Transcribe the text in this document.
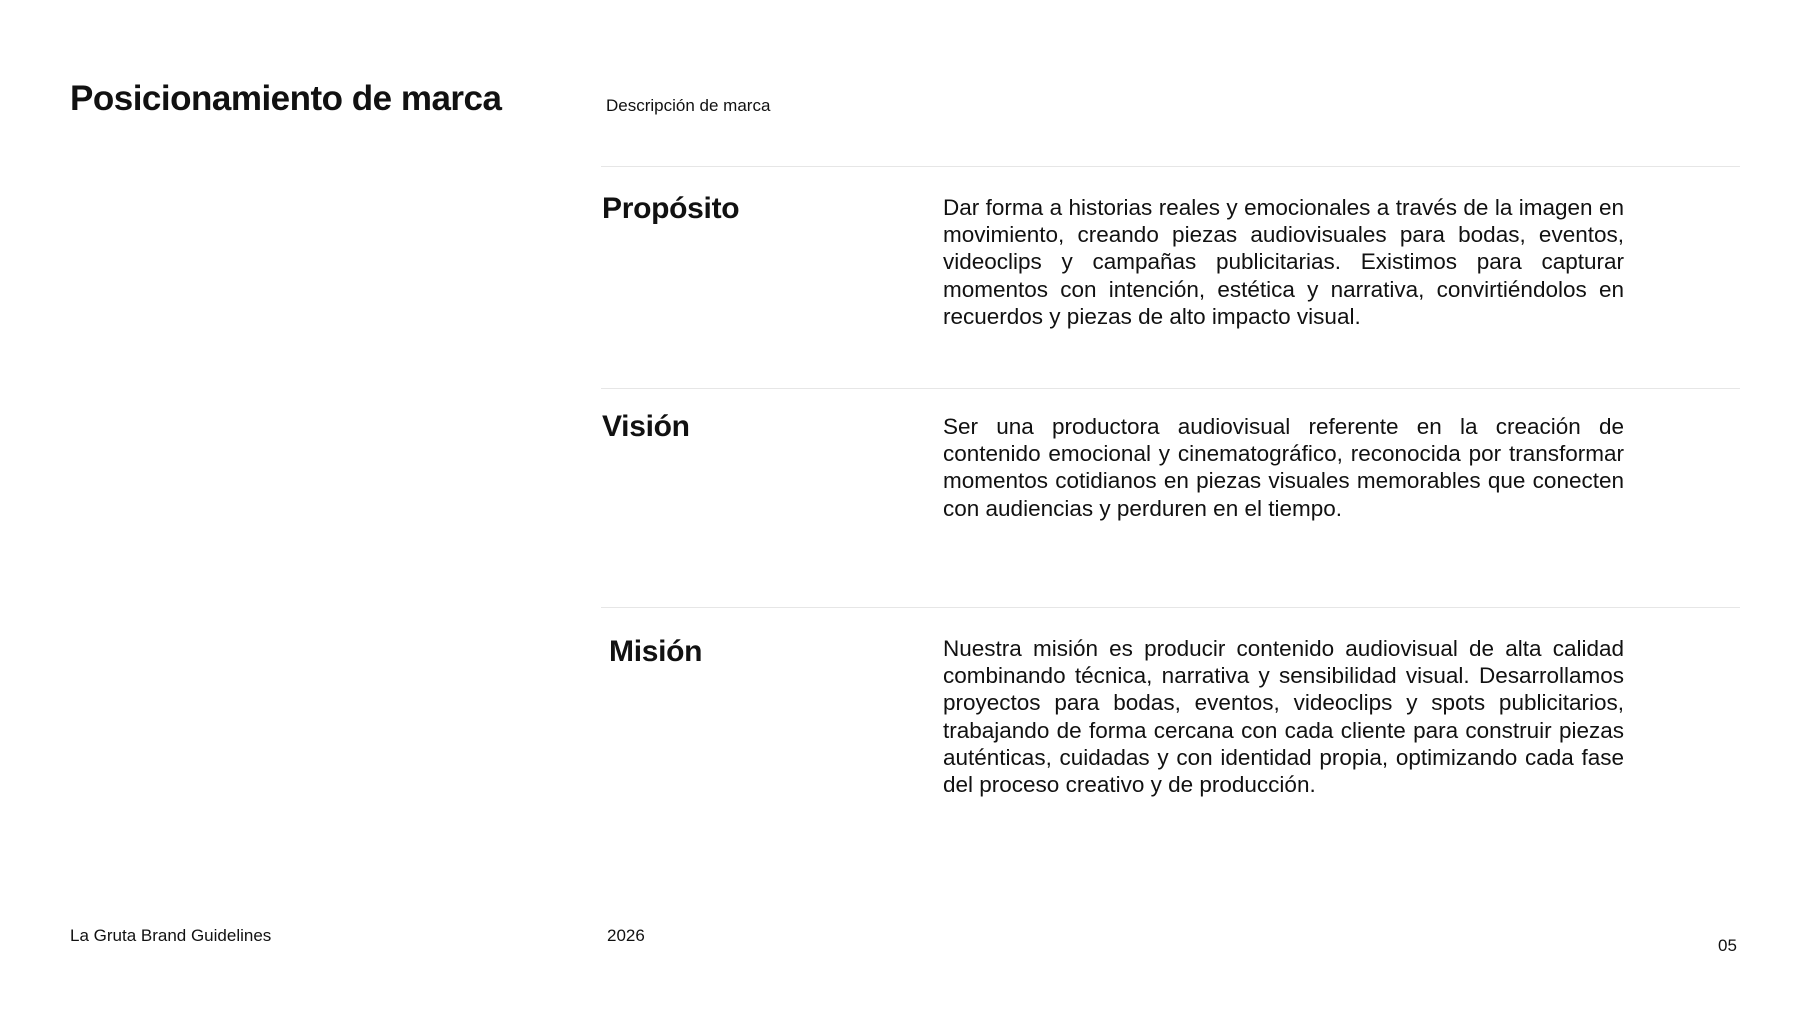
Posicionamiento de marca	Descripción de marca
Propósito	Dar forma a historias reales y emocionales a través de la imagen en movimiento, creando piezas audiovisuales para bodas, eventos, videoclips y campañas publicitarias. Existimos para capturar momentos con intención, estética y narrativa, convirtiéndolos en recuerdos y piezas de alto impacto visual.

Visión	Ser una productora audiovisual referente en la creación de contenido emocional y cinematográfico, reconocida por transformar momentos cotidianos en piezas visuales memorables que conecten con audiencias y perduren en el tiempo.

Misión	Nuestra misión es producir contenido audiovisual de alta calidad combinando técnica, narrativa y sensibilidad visual. Desarrollamos proyectos para bodas, eventos, videoclips y spots publicitarios, trabajando de forma cercana con cada cliente para construir piezas auténticas, cuidadas y con identidad propia, optimizando cada fase del proceso creativo y de producción.

La Gruta Brand Guidelines	2026
05
